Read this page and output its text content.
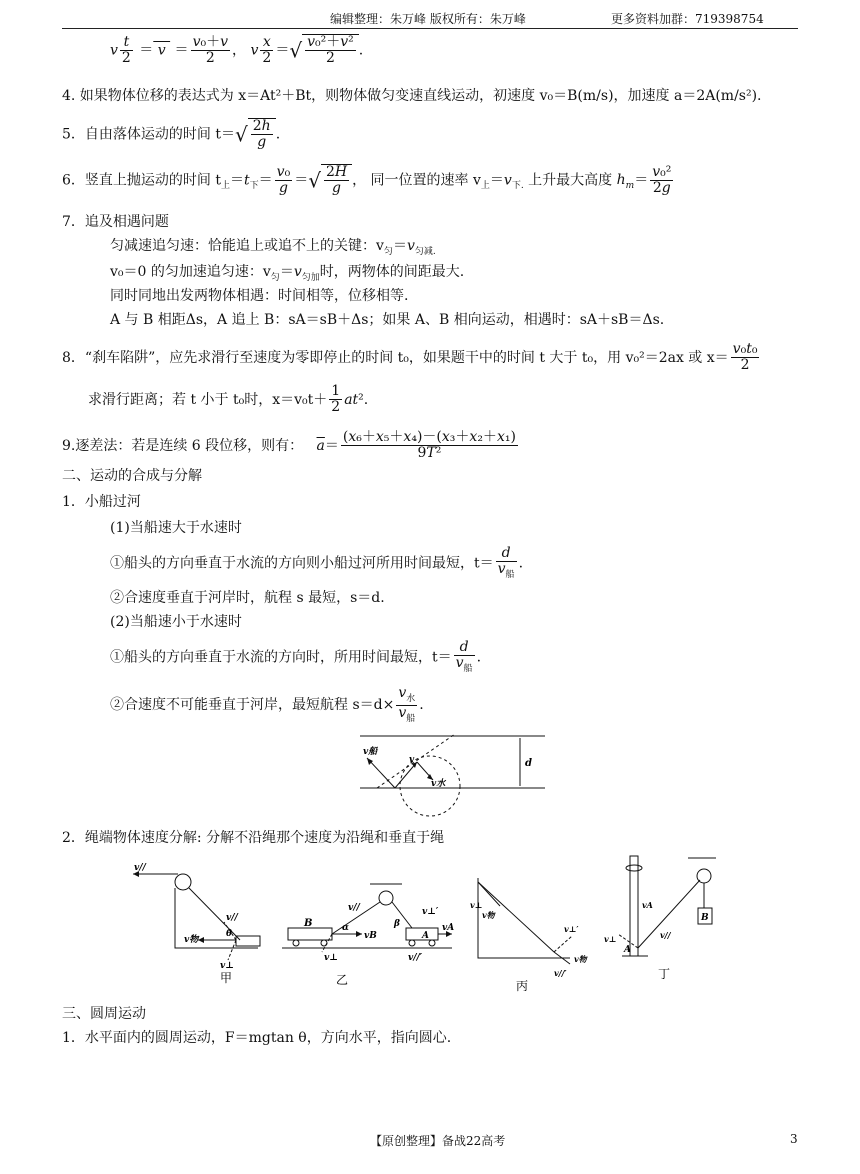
编辑整理：朱万峰 版权所有：朱万峰	更多资料加群：719398754
v $\frac{t}{2} = v = \frac{\text{v₀＋v}}{2}$ ， v $\frac{x}{2}$ ＝√ $\frac{\text{v₀²＋v²}}{2}$ .
4. 如果物体位移的表达式为 x＝At²＋Bt，则物体做匀变速直线运动，初速度 v₀＝B(m/s)，加速度 a＝2A(m/s²).
5．自由落体运动的时间 $t=√ \frac{2h}{g}$ .
6．竖直上抛运动的时间 $t_上=t_下= \frac{\text{v₀}}{g}$ ＝√ $\frac{2H}{g}$ ， 同一位置的速率 $v_上=v_{下.}$ 上升最大高度 $h_m= \frac{\text{v₀²}}{2g}$
7．追及相遇问题
匀减速追匀速：恰能追上或追不上的关键：$v_匀=v_{匀减.}$
v₀＝0 的匀加速追匀速：$v_匀=v_{匀加}$时，两物体的间距最大.
同时同地出发两物体相遇：时间相等，位移相等.
A 与 B 相距Δs，A 追上 B：sA＝sB＋Δs；如果 A、B 相向运动，相遇时：sA＋sB＝Δs.
8．“刹车陷阱”，应先求滑行至速度为零即停止的时间 t₀，如果题干中的时间 t 大于 t₀，用 v₀²＝2ax 或 $x= \frac{\text{v₀t₀}}{2}$
求滑行距离；若 t 小于 t₀时，$x=v_0t+ \frac{1}{2} at^2$.
9.逐差法：若是连续 6 段位移，则有： $\overline{a}= \frac{\text{(x₆＋x₅＋x₄)－(x₃＋x₂＋x₁)}}{\text{9T²}}$
二、运动的合成与分解
1．小船过河
(1)当船速大于水速时
①船头的方向垂直于水流的方向则小船过河所用时间最短，$t= \frac{d}{v_船}$ .
②合速度垂直于河岸时，航程 s 最短，s＝d.
(2)当船速小于水速时
①船头的方向垂直于水流的方向时，所用时间最短，$t= \frac{d}{v_船}$ .
②合速度不可能垂直于河岸，最短航程 $s=d\times \frac{v_水}{v_船}$ .
v船
v
v水
d
2．绳端物体速度分解: 分解不沿绳那个速度为沿绳和垂直于绳
v//
v//
v物
θ
v⊥
甲
B
v//
α
vB
β
v⊥′
vA
A
v⊥	v//′
乙
v⊥
v物
v⊥′
v物
v//′
丙
B
vA
v//
v⊥
A
丁
三、圆周运动
1．水平面内的圆周运动，F＝mgtan θ，方向水平，指向圆心.
【原创整理】备战22高考	3
